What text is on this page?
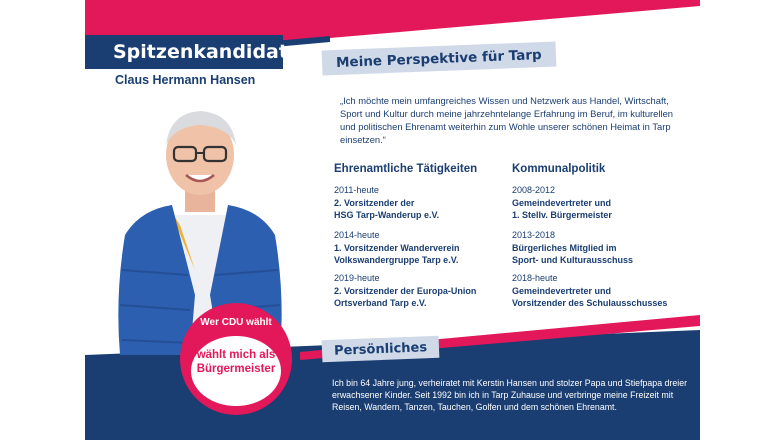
Spitzenkandidat
Claus Hermann Hansen
Meine Perspektive für Tarp
„Ich möchte mein umfangreiches Wissen und Netzwerk aus Handel, Wirtschaft, Sport und Kultur durch meine jahrzehntelange Erfahrung im Beruf, im kulturellen und politischen Ehrenamt weiterhin zum Wohle unserer schönen Heimat in Tarp einsetzen.“
Ehrenamtliche Tätigkeiten
2011-heute
2. Vorsitzender der
HSG Tarp-Wanderup e.V.
2014-heute
1. Vorsitzender Wanderverein
Volkswandergruppe Tarp e.V.
2019-heute
2. Vorsitzender der Europa-Union
Ortsverband Tarp e.V.
Kommunalpolitik
2008-2012
Gemeindevertreter und
1. Stellv. Bürgermeister
2013-2018
Bürgerliches Mitglied im
Sport- und Kulturausschuss
2018-heute
Gemeindevertreter und
Vorsitzender des Schulausschusses
Persönliches
Ich bin 64 Jahre jung, verheiratet mit Kerstin Hansen und stolzer Papa und Stiefpapa dreier erwachsener Kinder. Seit 1992 bin ich in Tarp Zuhause und verbringe meine Freizeit mit Reisen, Wandern, Tanzen, Tauchen, Golfen und dem schönen Ehrenamt.
Wer CDU wählt
wählt mich als
Bürgermeister
